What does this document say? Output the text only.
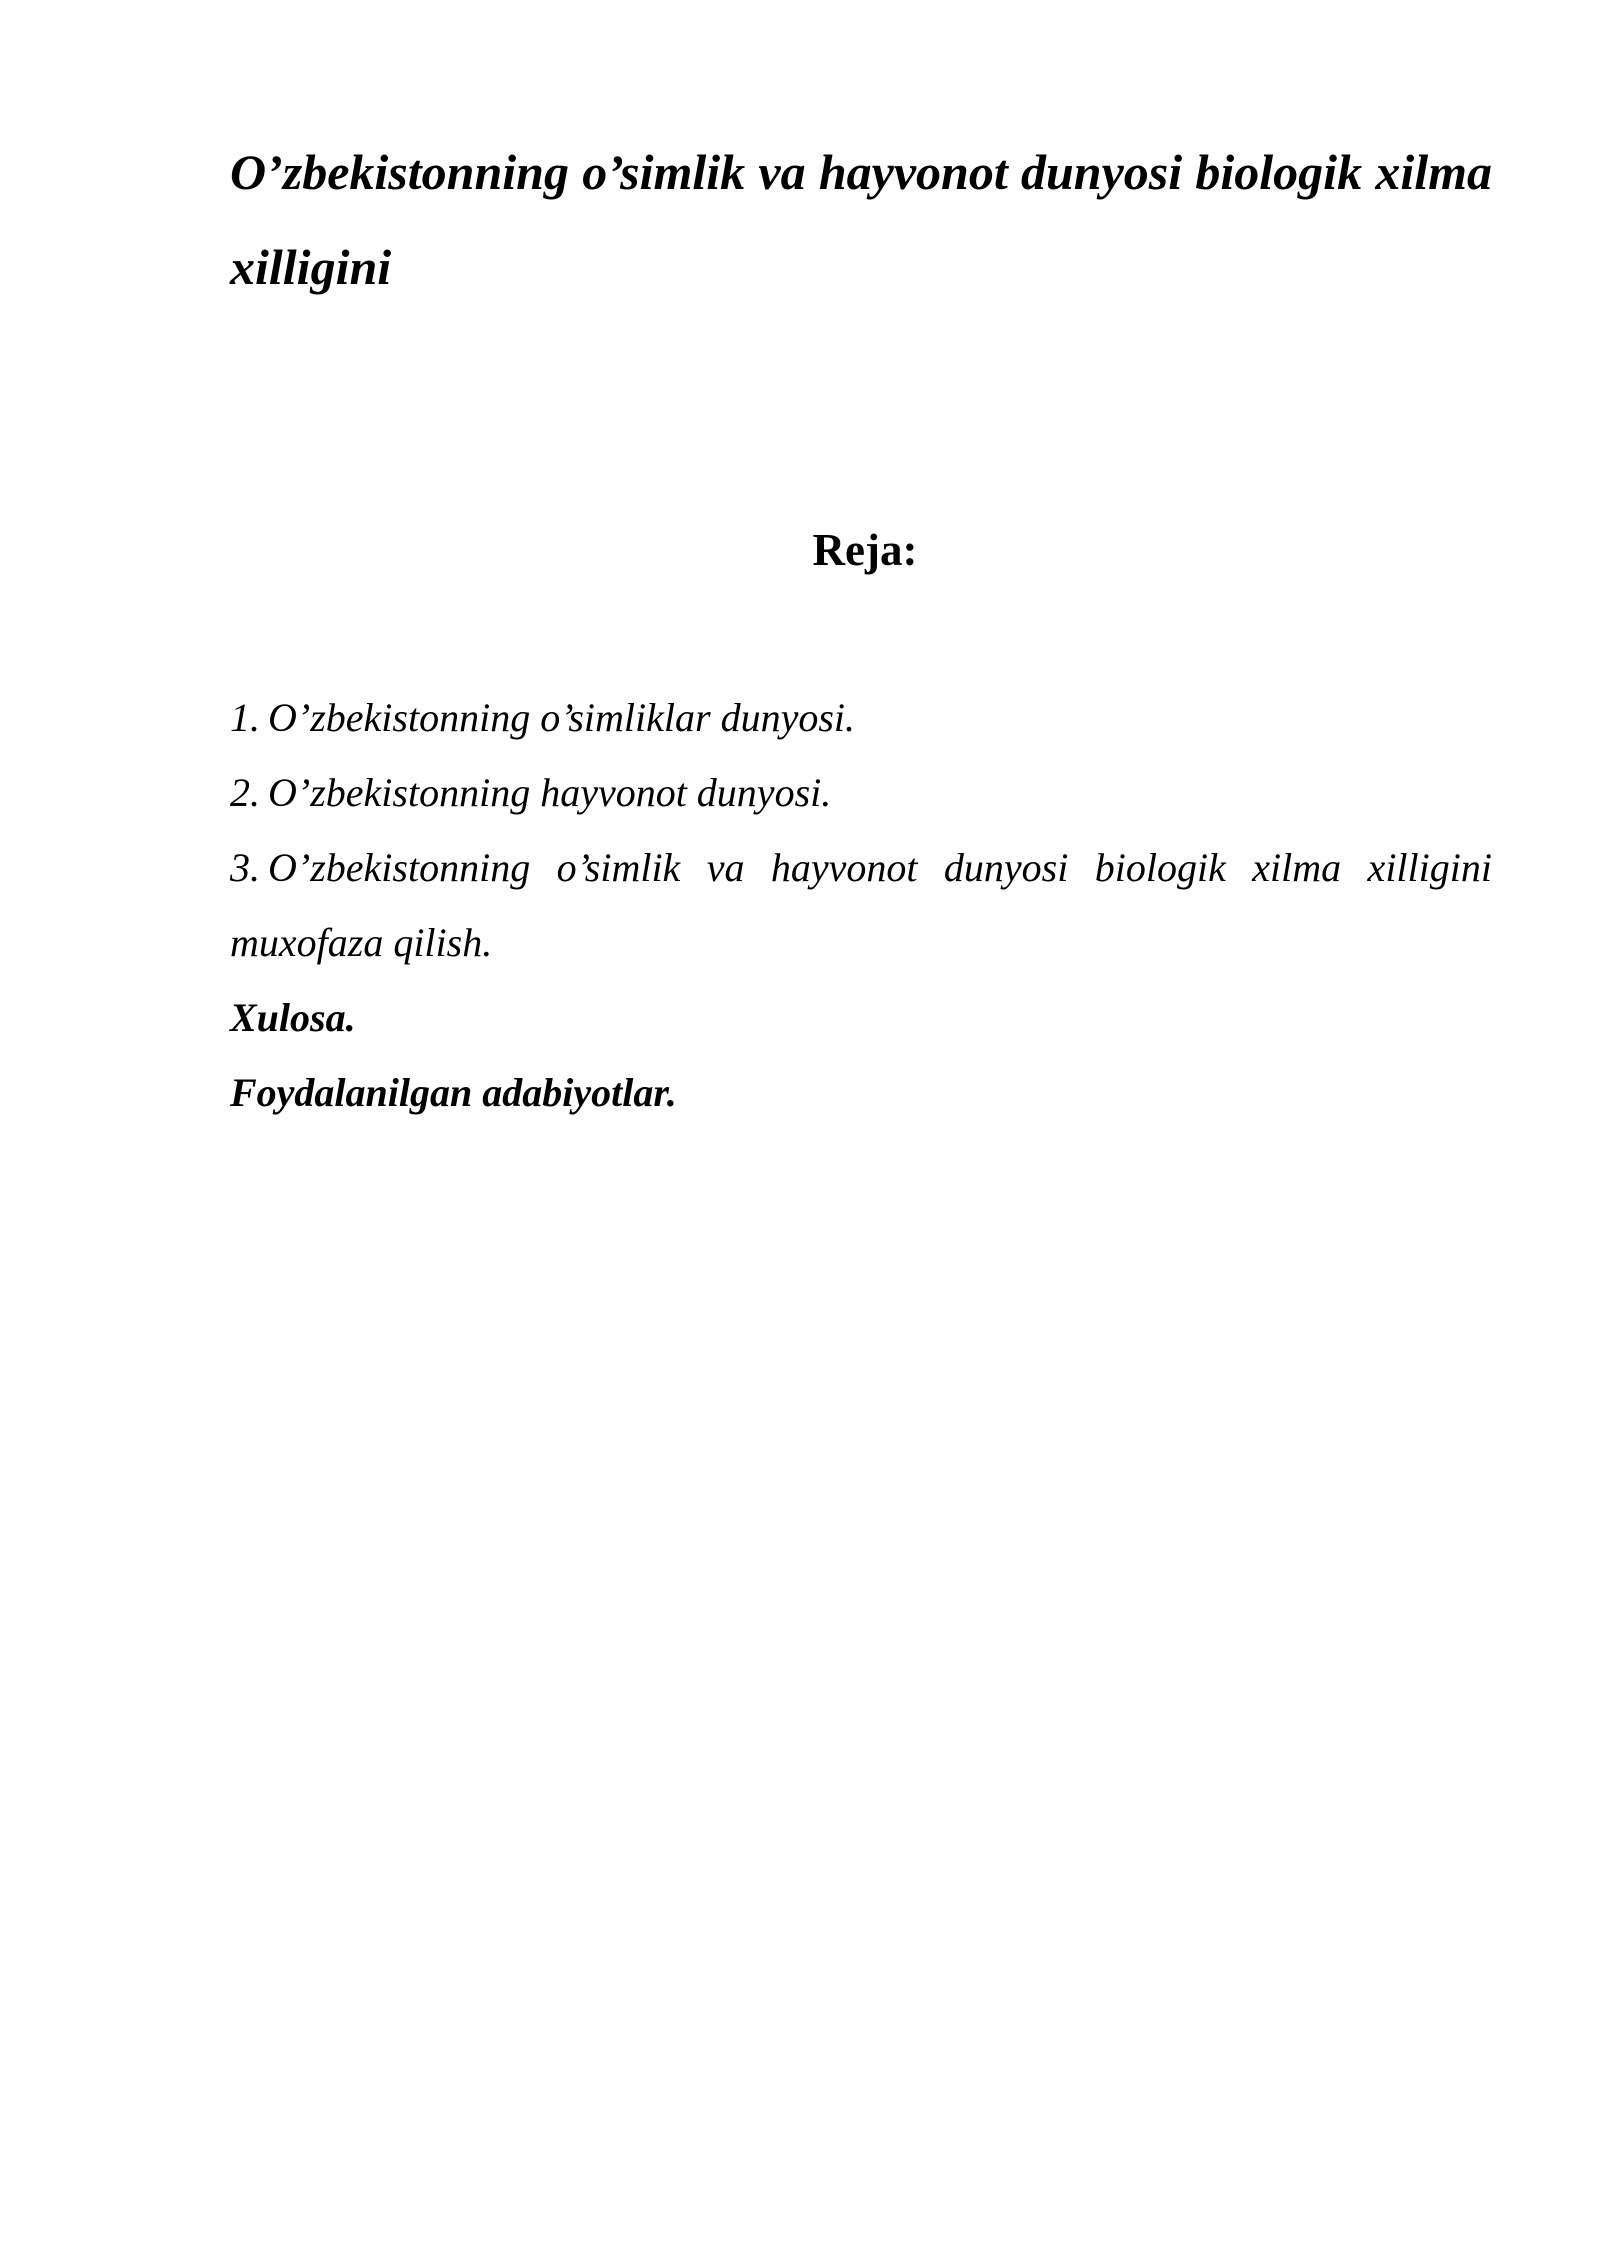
O’zbekistonning o’simlik va hayvonot dunyosi biologik xilma xilligini
Reja:
1. O’zbekistonning o’simliklar dunyosi.
2. O’zbekistonning hayvonot dunyosi.
3. O’zbekistonning o’simlik va hayvonot dunyosi biologik xilma xilligini muxofaza qilish.

Xulosa.

Foydalanilgan adabiyotlar.
